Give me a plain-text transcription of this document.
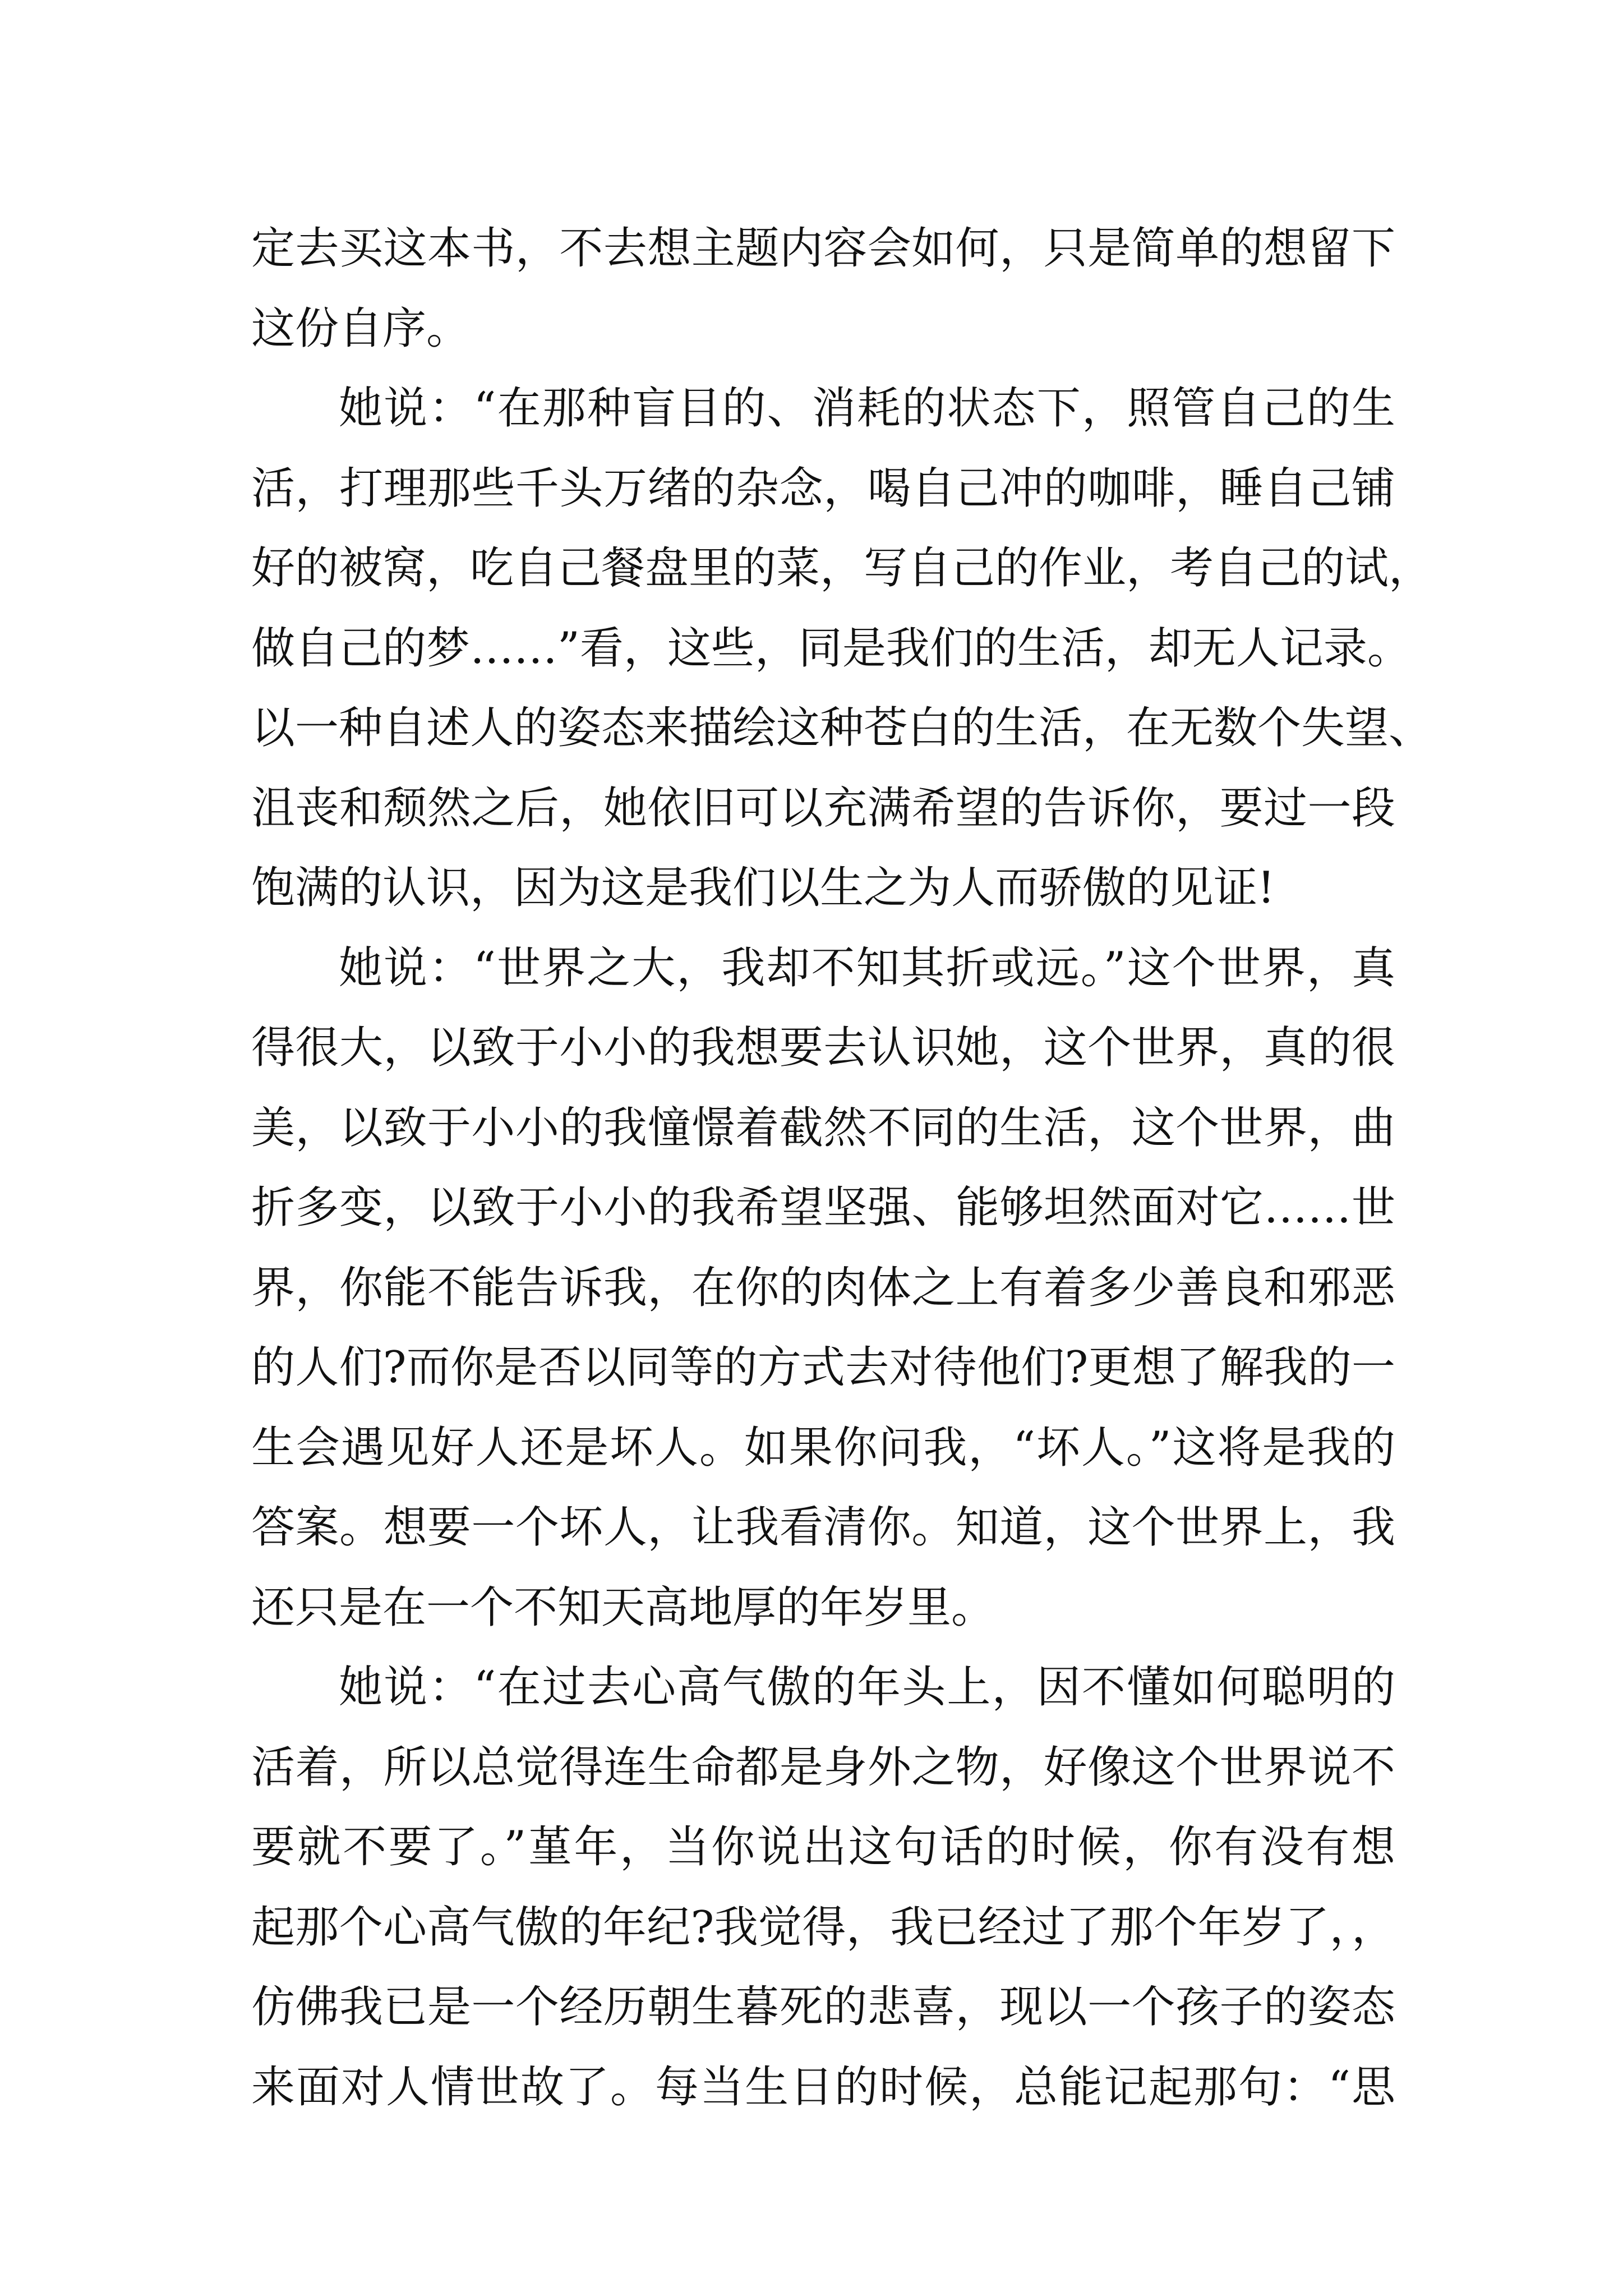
定去买这本书，不去想主题内容会如何，只是简单的想留下
这份自序。
她说：“在那种盲目的、消耗的状态下，照管自己的生
活，打理那些千头万绪的杂念，喝自己冲的咖啡，睡自己铺
好的被窝，吃自己餐盘里的菜，写自己的作业，考自己的试，
做自己的梦……”看，这些，同是我们的生活，却无人记录。
以一种自述人的姿态来描绘这种苍白的生活，在无数个失望、
沮丧和颓然之后，她依旧可以充满希望的告诉你，要过一段
饱满的认识，因为这是我们以生之为人而骄傲的见证!
她说：“世界之大，我却不知其折或远。”这个世界，真
得很大，以致于小小的我想要去认识她，这个世界，真的很
美，以致于小小的我憧憬着截然不同的生活，这个世界，曲
折多变，以致于小小的我希望坚强、能够坦然面对它……世
界，你能不能告诉我，在你的肉体之上有着多少善良和邪恶
的人们?而你是否以同等的方式去对待他们?更想了解我的一
生会遇见好人还是坏人。如果你问我，“坏人。”这将是我的
答案。想要一个坏人，让我看清你。知道，这个世界上，我
还只是在一个不知天高地厚的年岁里。
她说：“在过去心高气傲的年头上，因不懂如何聪明的
活着，所以总觉得连生命都是身外之物，好像这个世界说不
要就不要了。”堇年，当你说出这句话的时候，你有没有想
起那个心高气傲的年纪?我觉得，我已经过了那个年岁了，，
仿佛我已是一个经历朝生暮死的悲喜，现以一个孩子的姿态
来面对人情世故了。每当生日的时候，总能记起那句：“思
